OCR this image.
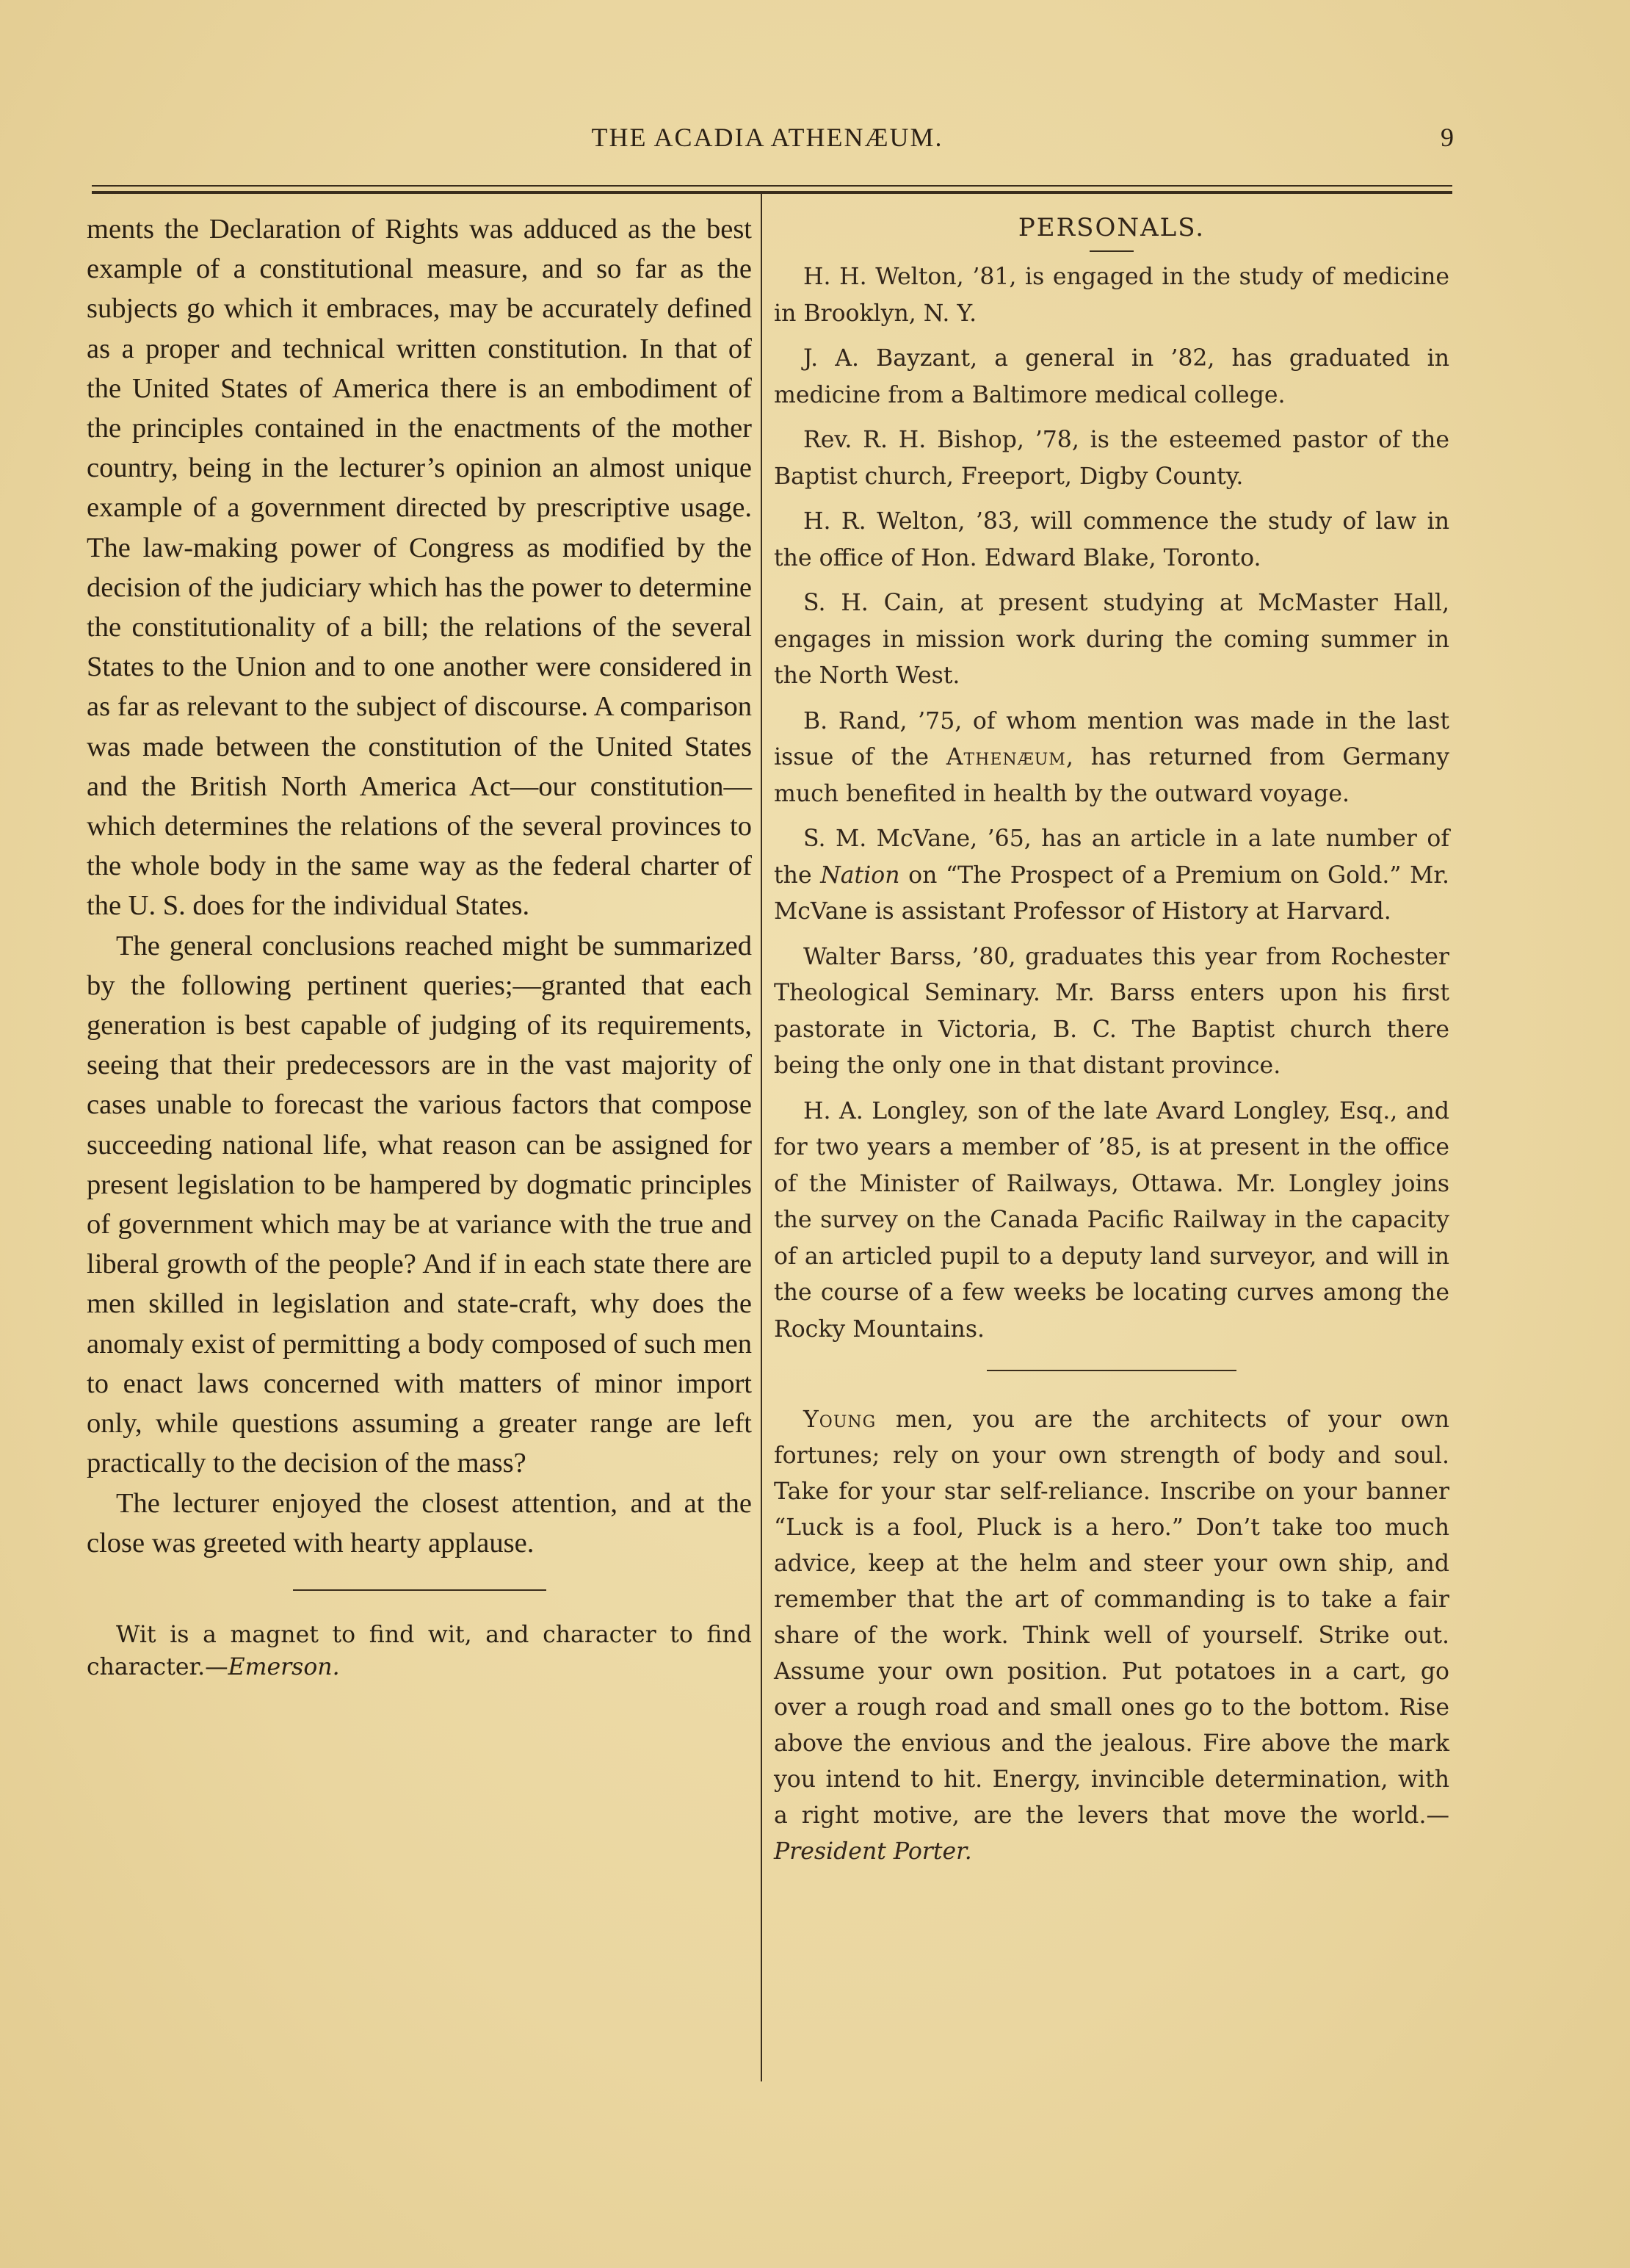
THE ACADIA ATHENÆUM.	9

ments the Declaration of Rights was adduced as the best example of a constitutional measure, and so far as the subjects go which it embraces, may be accurately defined as a proper and technical written constitution. In that of the United States of America there is an embodiment of the principles contained in the enactments of the mother country, being in the lecturer’s opinion an almost unique example of a government directed by prescriptive usage. The law-making power of Congress as modified by the decision of the judiciary which has the power to determine the constitutionality of a bill; the relations of the several States to the Union and to one another were considered in as far as relevant to the subject of discourse. A comparison was made between the constitution of the United States and the British North America Act—our constitution—which determines the relations of the several provinces to the whole body in the same way as the federal charter of the U. S. does for the individual States.

The general conclusions reached might be summarized by the following pertinent queries;—granted that each generation is best capable of judging of its requirements, seeing that their predecessors are in the vast majority of cases unable to forecast the various factors that compose succeeding national life, what reason can be assigned for present legislation to be hampered by dogmatic principles of government which may be at variance with the true and liberal growth of the people? And if in each state there are men skilled in legislation and state-craft, why does the anomaly exist of permitting a body composed of such men to enact laws concerned with matters of minor import only, while questions assuming a greater range are left practically to the decision of the mass?

The lecturer enjoyed the closest attention, and at the close was greeted with hearty applause.

Wit is a magnet to find wit, and character to find character.—Emerson.

PERSONALS.

H. H. Welton, ’81, is engaged in the study of medicine in Brooklyn, N. Y.

J. A. Bayzant, a general in ’82, has graduated in medicine from a Baltimore medical college.

Rev. R. H. Bishop, ’78, is the esteemed pastor of the Baptist church, Freeport, Digby County.

H. R. Welton, ’83, will commence the study of law in the office of Hon. Edward Blake, Toronto.

S. H. Cain, at present studying at McMaster Hall, engages in mission work during the coming summer in the North West.

B. Rand, ’75, of whom mention was made in the last issue of the Athenæum, has returned from Germany much benefited in health by the outward voyage.

S. M. McVane, ’65, has an article in a late number of the Nation on “The Prospect of a Premium on Gold.” Mr. McVane is assistant Professor of History at Harvard.

Walter Barss, ’80, graduates this year from Rochester Theological Seminary. Mr. Barss enters upon his first pastorate in Victoria, B. C. The Baptist church there being the only one in that distant province.

H. A. Longley, son of the late Avard Longley, Esq., and for two years a member of ’85, is at present in the office of the Minister of Railways, Ottawa. Mr. Longley joins the survey on the Canada Pacific Railway in the capacity of an articled pupil to a deputy land surveyor, and will in the course of a few weeks be locating curves among the Rocky Mountains.

Young men, you are the architects of your own fortunes; rely on your own strength of body and soul. Take for your star self-reliance. Inscribe on your banner “Luck is a fool, Pluck is a hero.” Don’t take too much advice, keep at the helm and steer your own ship, and remember that the art of commanding is to take a fair share of the work. Think well of yourself. Strike out. Assume your own position. Put potatoes in a cart, go over a rough road and small ones go to the bottom. Rise above the envious and the jealous. Fire above the mark you intend to hit. Energy, invincible determination, with a right motive, are the levers that move the world.—President Porter.
